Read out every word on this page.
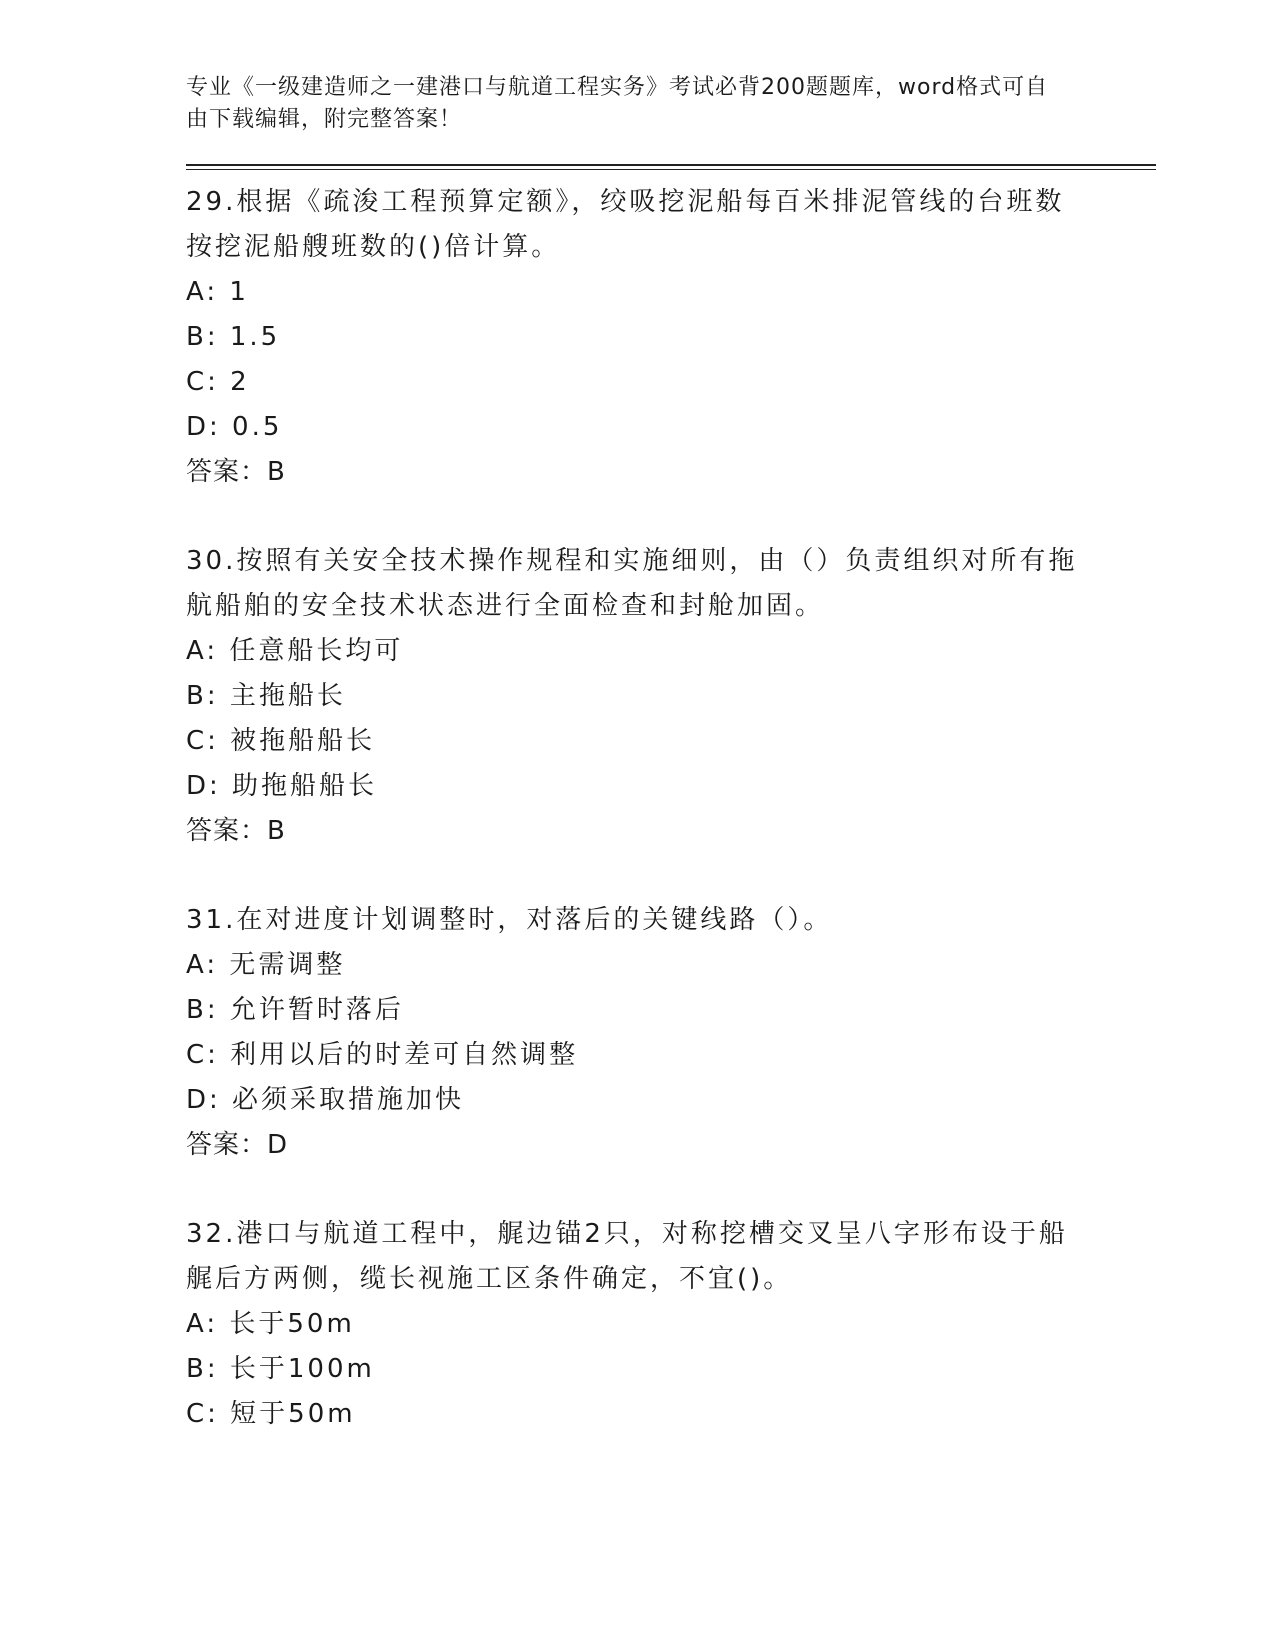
专业《一级建造师之一建港口与航道工程实务》考试必背200题题库，word格式可自由下载编辑，附完整答案！

29.根据《疏浚工程预算定额》，绞吸挖泥船每百米排泥管线的台班数按挖泥船艘班数的()倍计算。

A: 1

B: 1.5

C: 2

D: 0.5

答案：B

30.按照有关安全技术操作规程和实施细则，由（）负责组织对所有拖航船舶的安全技术状态进行全面检查和封舱加固。

A: 任意船长均可

B: 主拖船长

C: 被拖船船长

D: 助拖船船长

答案：B

31.在对进度计划调整时，对落后的关键线路（）。

A: 无需调整

B: 允许暂时落后

C: 利用以后的时差可自然调整

D: 必须采取措施加快

答案：D

32.港口与航道工程中，艉边锚2只，对称挖槽交叉呈八字形布设于船艉后方两侧，缆长视施工区条件确定，不宜()。

A: 长于50m

B: 长于100m

C: 短于50m
